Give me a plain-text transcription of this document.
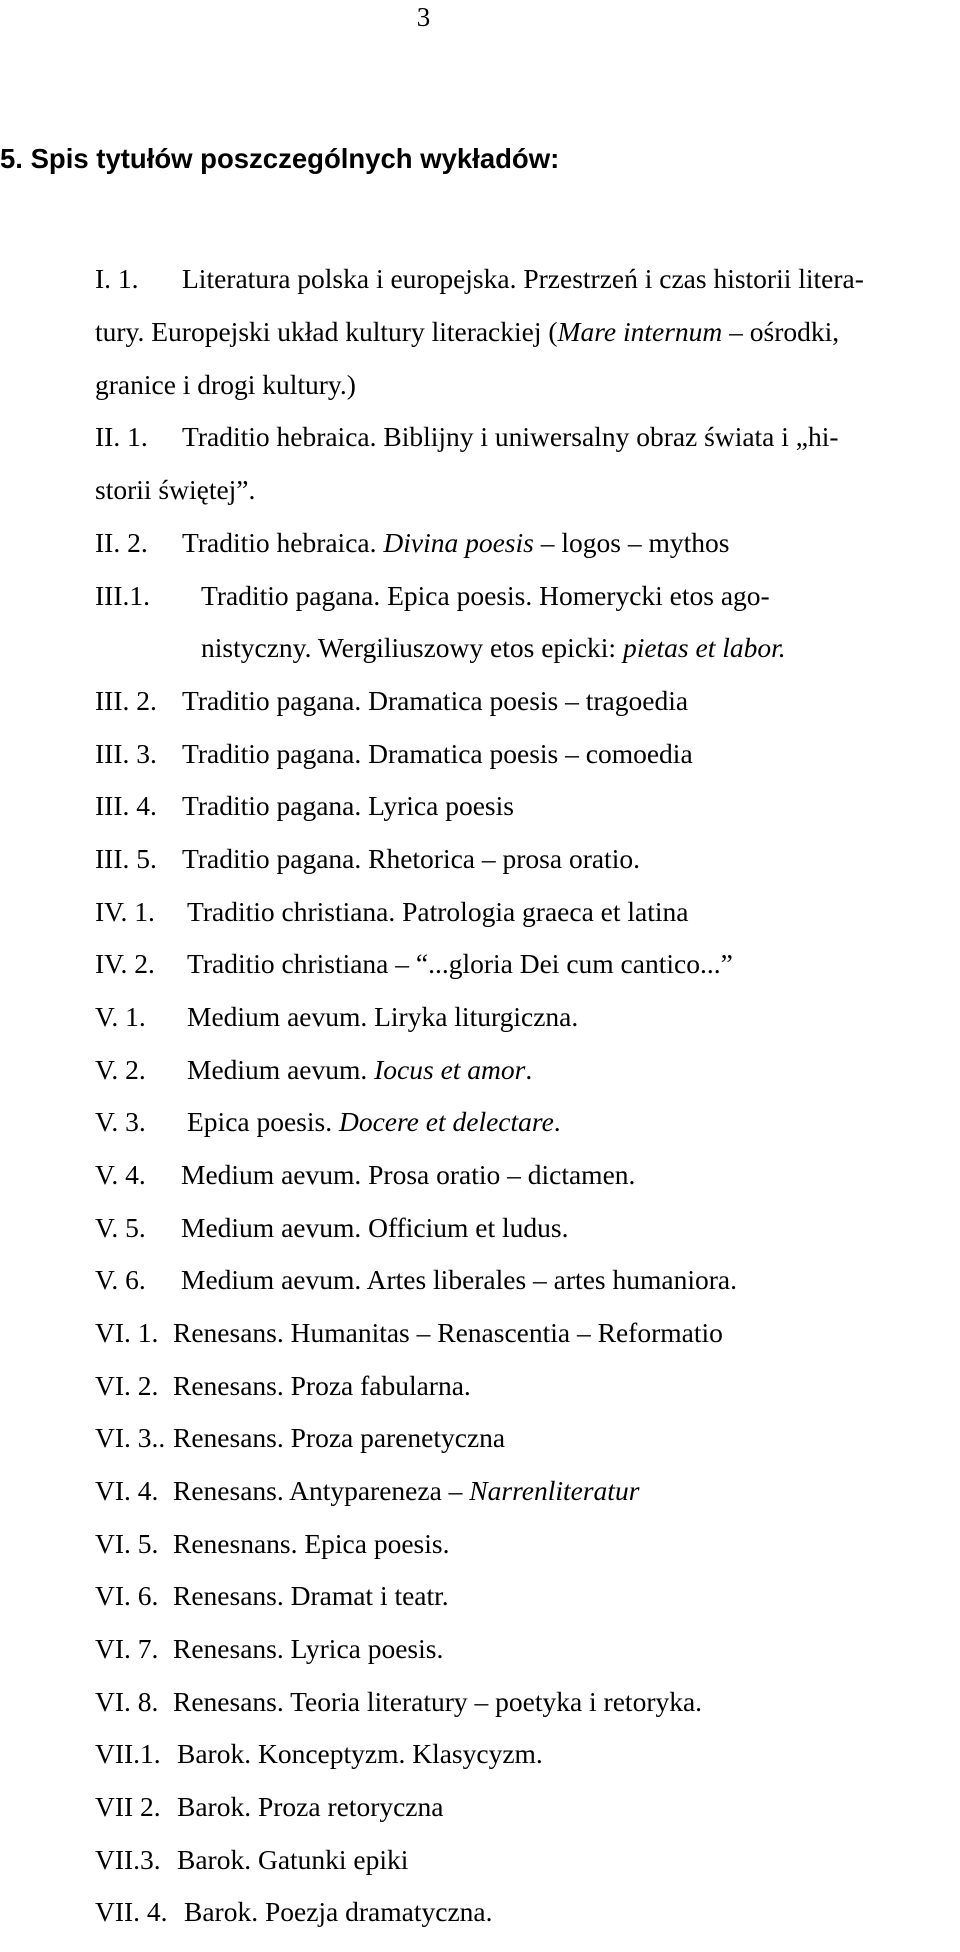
3
5. Spis tytułów poszczególnych wykładów:
I. 1. Literatura polska i europejska. Przestrzeń i czas historii litera-
tury. Europejski układ kultury literackiej (Mare internum – ośrodki,
granice i drogi kultury.)
II. 1. Traditio hebraica. Biblijny i uniwersalny obraz świata i „hi-
storii świętej”.
II. 2. Traditio hebraica. Divina poesis – logos – mythos
III.1. Traditio pagana. Epica poesis. Homerycki etos ago-
nistyczny. Wergiliuszowy etos epicki: pietas et labor.
III. 2. Traditio pagana. Dramatica poesis – tragoedia
III. 3. Traditio pagana. Dramatica poesis – comoedia
III. 4. Traditio pagana. Lyrica poesis
III. 5. Traditio pagana. Rhetorica – prosa oratio.
IV. 1. Traditio christiana. Patrologia graeca et latina
IV. 2. Traditio christiana – “...gloria Dei cum cantico...”
V. 1. Medium aevum. Liryka liturgiczna.
V. 2. Medium aevum. Iocus et amor.
V. 3. Epica poesis. Docere et delectare.
V. 4. Medium aevum. Prosa oratio – dictamen.
V. 5. Medium aevum. Officium et ludus.
V. 6. Medium aevum. Artes liberales – artes humaniora.
VI. 1. Renesans. Humanitas – Renascentia – Reformatio
VI. 2. Renesans. Proza fabularna.
VI. 3.. Renesans. Proza parenetyczna
VI. 4. Renesans. Antypareneza – Narrenliteratur
VI. 5. Renesnans. Epica poesis.
VI. 6. Renesans. Dramat i teatr.
VI. 7. Renesans. Lyrica poesis.
VI. 8. Renesans. Teoria literatury – poetyka i retoryka.
VII.1. Barok. Konceptyzm. Klasycyzm.
VII 2. Barok. Proza retoryczna
VII.3. Barok. Gatunki epiki
VII. 4. Barok. Poezja dramatyczna.
